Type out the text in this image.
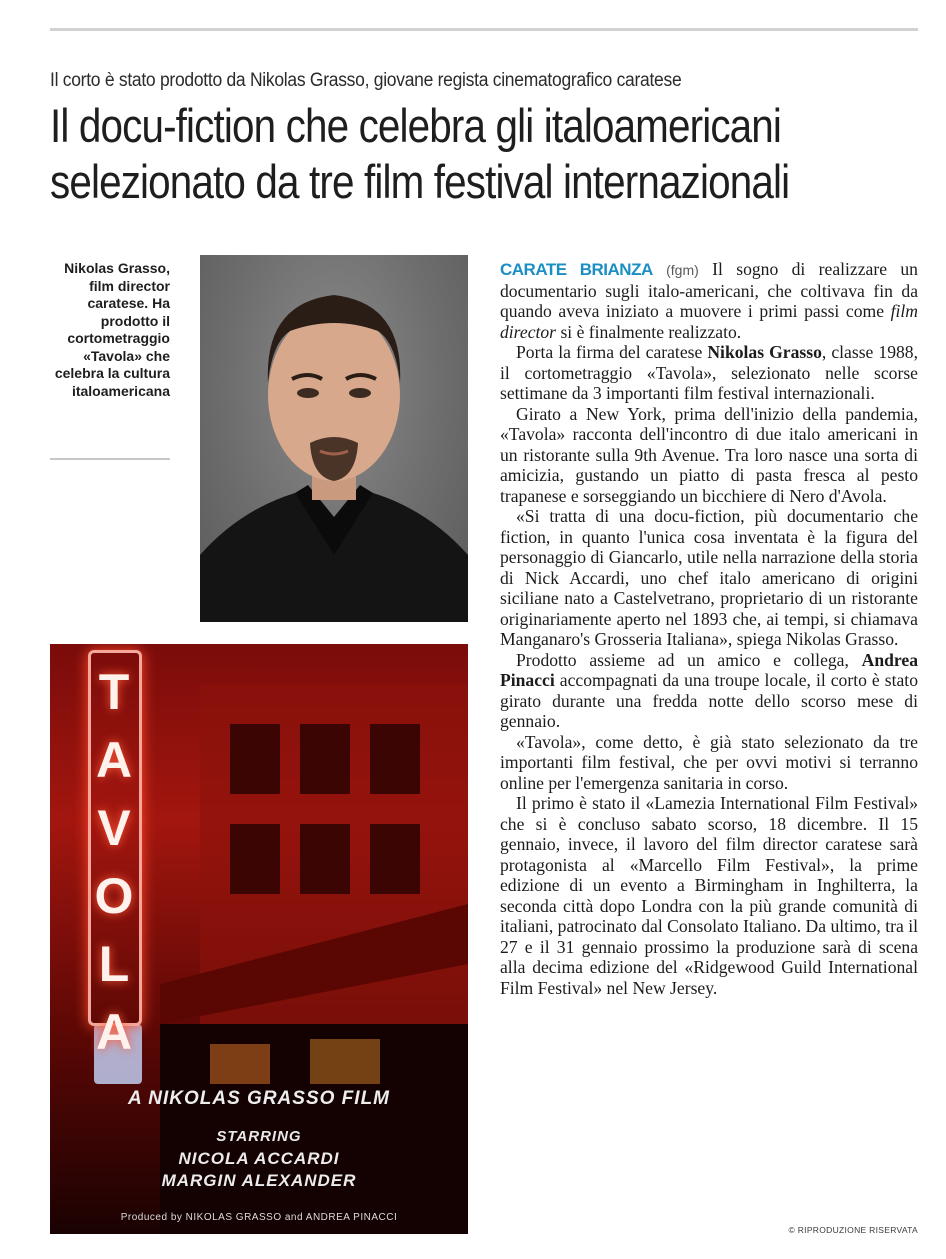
Il corto è stato prodotto da Nikolas Grasso, giovane regista cinematografico caratese
Il docu-fiction che celebra gli italoamericani
selezionato da tre film festival internazionali
Nikolas Grasso, film director caratese. Ha prodotto il cortometraggio «Tavola» che celebra la cultura italoamericana
T
A
V
O
L
A
A NIKOLAS GRASSO FILM
STARRING
NICOLA ACCARDI
MARGIN ALEXANDER
Produced by NIKOLAS GRASSO and ANDREA PINACCI

CARATE BRIANZA (fgm) Il sogno di realizzare un documentario sugli italo-americani, che coltivava fin da quando aveva iniziato a muovere i primi passi come film director si è finalmente realizzato.

Porta la firma del caratese Nikolas Grasso, classe 1988, il cortometraggio «Tavola», selezionato nelle scorse settimane da 3 importanti film festival internazionali.

Girato a New York, prima dell'inizio della pandemia, «Tavola» racconta dell'incontro di due italo americani in un ristorante sulla 9th Avenue. Tra loro nasce una sorta di amicizia, gustando un piatto di pasta fresca al pesto trapanese e sorseggiando un bicchiere di Nero d'Avola.

«Si tratta di una docu-fiction, più documentario che fiction, in quanto l'unica cosa inventata è la figura del personaggio di Giancarlo, utile nella narrazione della storia di Nick Accardi, uno chef italo americano di origini siciliane nato a Castelvetrano, proprietario di un ristorante originariamente aperto nel 1893 che, ai tempi, si chiamava Manganaro's Grosseria Italiana», spiega Nikolas Grasso.

Prodotto assieme ad un amico e collega, Andrea Pinacci accompagnati da una troupe locale, il corto è stato girato durante una fredda notte dello scorso mese di gennaio.

«Tavola», come detto, è già stato selezionato da tre importanti film festival, che per ovvi motivi si terranno online per l'emergenza sanitaria in corso.

Il primo è stato il «Lamezia International Film Festival» che si è concluso sabato scorso, 18 dicembre. Il 15 gennaio, invece, il lavoro del film director caratese sarà protagonista al «Marcello Film Festival», la prime edizione di un evento a Birmingham in Inghilterra, la seconda città dopo Londra con la più grande comunità di italiani, patrocinato dal Consolato Italiano. Da ultimo, tra il 27 e il 31 gennaio prossimo la produzione sarà di scena alla decima edizione del «Ridgewood Guild International Film Festival» nel New Jersey.

© RIPRODUZIONE RISERVATA
